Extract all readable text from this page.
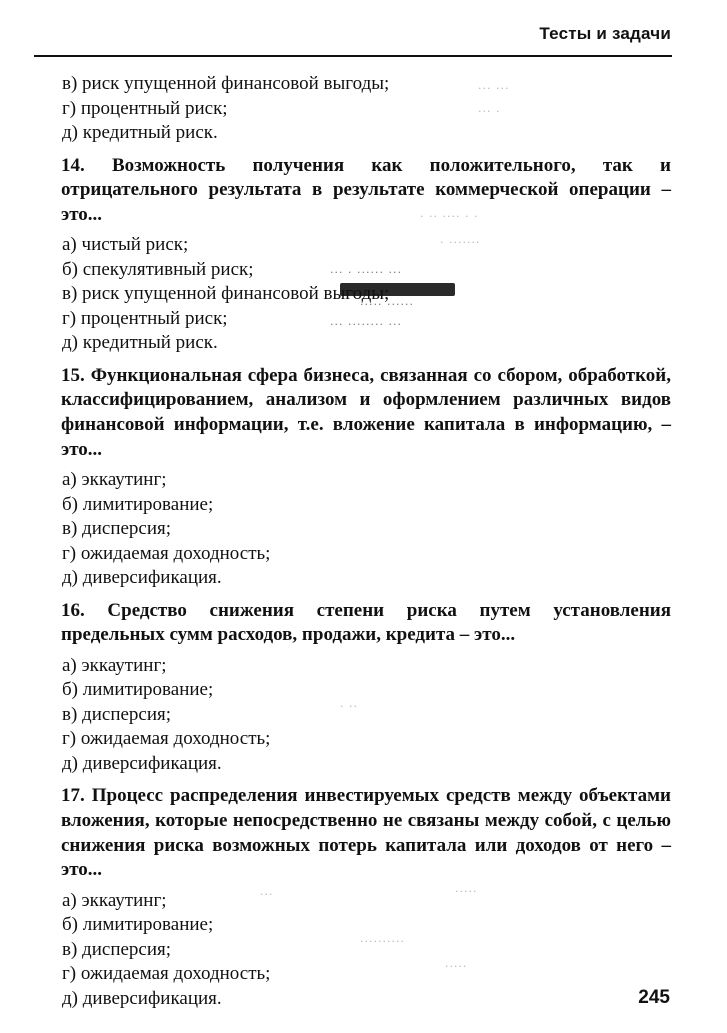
Тесты и задачи
··· ···
··· ·
· ·· ···· · ·
· ·······
··· · ······ ···
····· ······
··· ········ ···
· ··
···	·····
··········
·····
в) риск упущенной финансовой выгоды;
г) процентный риск;
д) кредитный риск.
14. Возможность получения как положительного, так и отрицательного результата в результате коммерческой операции – это...
а) чистый риск;
б) спекулятивный риск;
в) риск упущенной финансовой выгоды;
г) процентный риск;
д) кредитный риск.
15. Функциональная сфера бизнеса, связанная со сбором, обработкой, классифицированием, анализом и оформлением различных видов финансовой информации, т.е. вложение капитала в информацию, – это...
а) эккаутинг;
б) лимитирование;
в) дисперсия;
г) ожидаемая доходность;
д) диверсификация.
16. Средство снижения степени риска путем установления предельных сумм расходов, продажи, кредита – это...
а) эккаутинг;
б) лимитирование;
в) дисперсия;
г) ожидаемая доходность;
д) диверсификация.
17. Процесс распределения инвестируемых средств между объектами вложения, которые непосредственно не связаны между собой, с целью снижения риска возможных потерь капитала или доходов от него – это...
а) эккаутинг;
б) лимитирование;
в) дисперсия;
г) ожидаемая доходность;
д) диверсификация.	245
